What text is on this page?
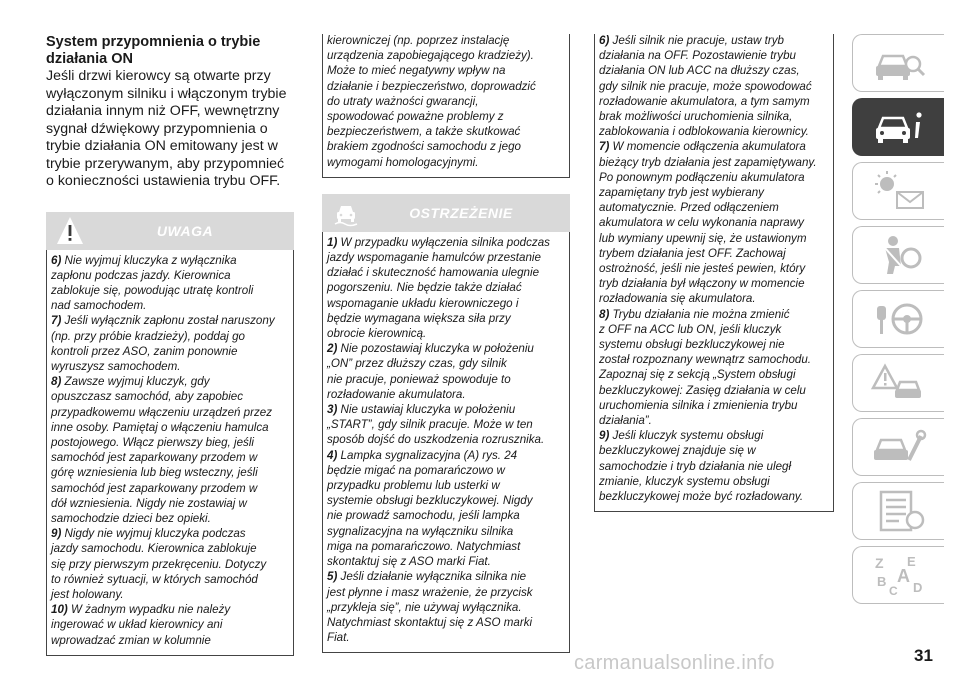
System przypomnienia o trybie

działania ON

Jeśli drzwi kierowcy są otwarte przy

wyłączonym silniku i włączonym trybie

działania innym niż OFF, wewnętrzny

sygnał dźwiękowy przypomnienia o

trybie działania ON emitowany jest w

trybie przerywanym, aby przypomnieć

o konieczności ustawienia trybu OFF.

UWAGA

6) Nie wyjmuj kluczyka z wyłącznika

zapłonu podczas jazdy. Kierownica

zablokuje się, powodując utratę kontroli

nad samochodem.

7) Jeśli wyłącznik zapłonu został naruszony

(np. przy próbie kradzieży), poddaj go

kontroli przez ASO, zanim ponownie

wyruszysz samochodem.

8) Zawsze wyjmuj kluczyk, gdy

opuszczasz samochód, aby zapobiec

przypadkowemu włączeniu urządzeń przez

inne osoby. Pamiętaj o włączeniu hamulca

postojowego. Włącz pierwszy bieg, jeśli

samochód jest zaparkowany przodem w

górę wzniesienia lub bieg wsteczny, jeśli

samochód jest zaparkowany przodem w

dół wzniesienia. Nigdy nie zostawiaj w

samochodzie dzieci bez opieki.

9) Nigdy nie wyjmuj kluczyka podczas

jazdy samochodu. Kierownica zablokuje

się przy pierwszym przekręceniu. Dotyczy

to również sytuacji, w których samochód

jest holowany.

10) W żadnym wypadku nie należy

ingerować w układ kierownicy ani

wprowadzać zmian w kolumnie

kierowniczej (np. poprzez instalację

urządzenia zapobiegającego kradzieży).

Może to mieć negatywny wpływ na

działanie i bezpieczeństwo, doprowadzić

do utraty ważności gwarancji,

spowodować poważne problemy z

bezpieczeństwem, a także skutkować

brakiem zgodności samochodu z jego

wymogami homologacyjnymi.

OSTRZEŻENIE

1) W przypadku wyłączenia silnika podczas

jazdy wspomaganie hamulców przestanie

działać i skuteczność hamowania ulegnie

pogorszeniu. Nie będzie także działać

wspomaganie układu kierowniczego i

będzie wymagana większa siła przy

obrocie kierownicą.

2) Nie pozostawiaj kluczyka w położeniu

„ON” przez dłuższy czas, gdy silnik

nie pracuje, ponieważ spowoduje to

rozładowanie akumulatora.

3) Nie ustawiaj kluczyka w położeniu

„START”, gdy silnik pracuje. Może w ten

sposób dojść do uszkodzenia rozrusznika.

4) Lampka sygnalizacyjna (A) rys. 24

będzie migać na pomarańczowo w

przypadku problemu lub usterki w

systemie obsługi bezkluczykowej. Nigdy

nie prowadź samochodu, jeśli lampka

sygnalizacyjna na wyłączniku silnika

miga na pomarańczowo. Natychmiast

skontaktuj się z ASO marki Fiat.

5) Jeśli działanie wyłącznika silnika nie

jest płynne i masz wrażenie, że przycisk

„przykleja się”, nie używaj wyłącznika.

Natychmiast skontaktuj się z ASO marki

Fiat.

6) Jeśli silnik nie pracuje, ustaw tryb

działania na OFF. Pozostawienie trybu

działania ON lub ACC na dłuższy czas,

gdy silnik nie pracuje, może spowodować

rozładowanie akumulatora, a tym samym

brak możliwości uruchomienia silnika,

zablokowania i odblokowania kierownicy.

7) W momencie odłączenia akumulatora

bieżący tryb działania jest zapamiętywany.

Po ponownym podłączeniu akumulatora

zapamiętany tryb jest wybierany

automatycznie. Przed odłączeniem

akumulatora w celu wykonania naprawy

lub wymiany upewnij się, że ustawionym

trybem działania jest OFF. Zachowaj

ostrożność, jeśli nie jesteś pewien, który

tryb działania był włączony w momencie

rozładowania się akumulatora.

8) Trybu działania nie można zmienić

z OFF na ACC lub ON, jeśli kluczyk

systemu obsługi bezkluczykowej nie

został rozpoznany wewnątrz samochodu.

Zapoznaj się z sekcją „System obsługi

bezkluczykowej: Zasięg działania w celu

uruchomienia silnika i zmienienia trybu

działania”.

9) Jeśli kluczyk systemu obsługi

bezkluczykowej znajduje się w

samochodzie i tryb działania nie uległ

zmianie, kluczyk systemu obsługi

bezkluczykowej może być rozładowany.

Z E
B A
C D
31
carmanualsonline.info
